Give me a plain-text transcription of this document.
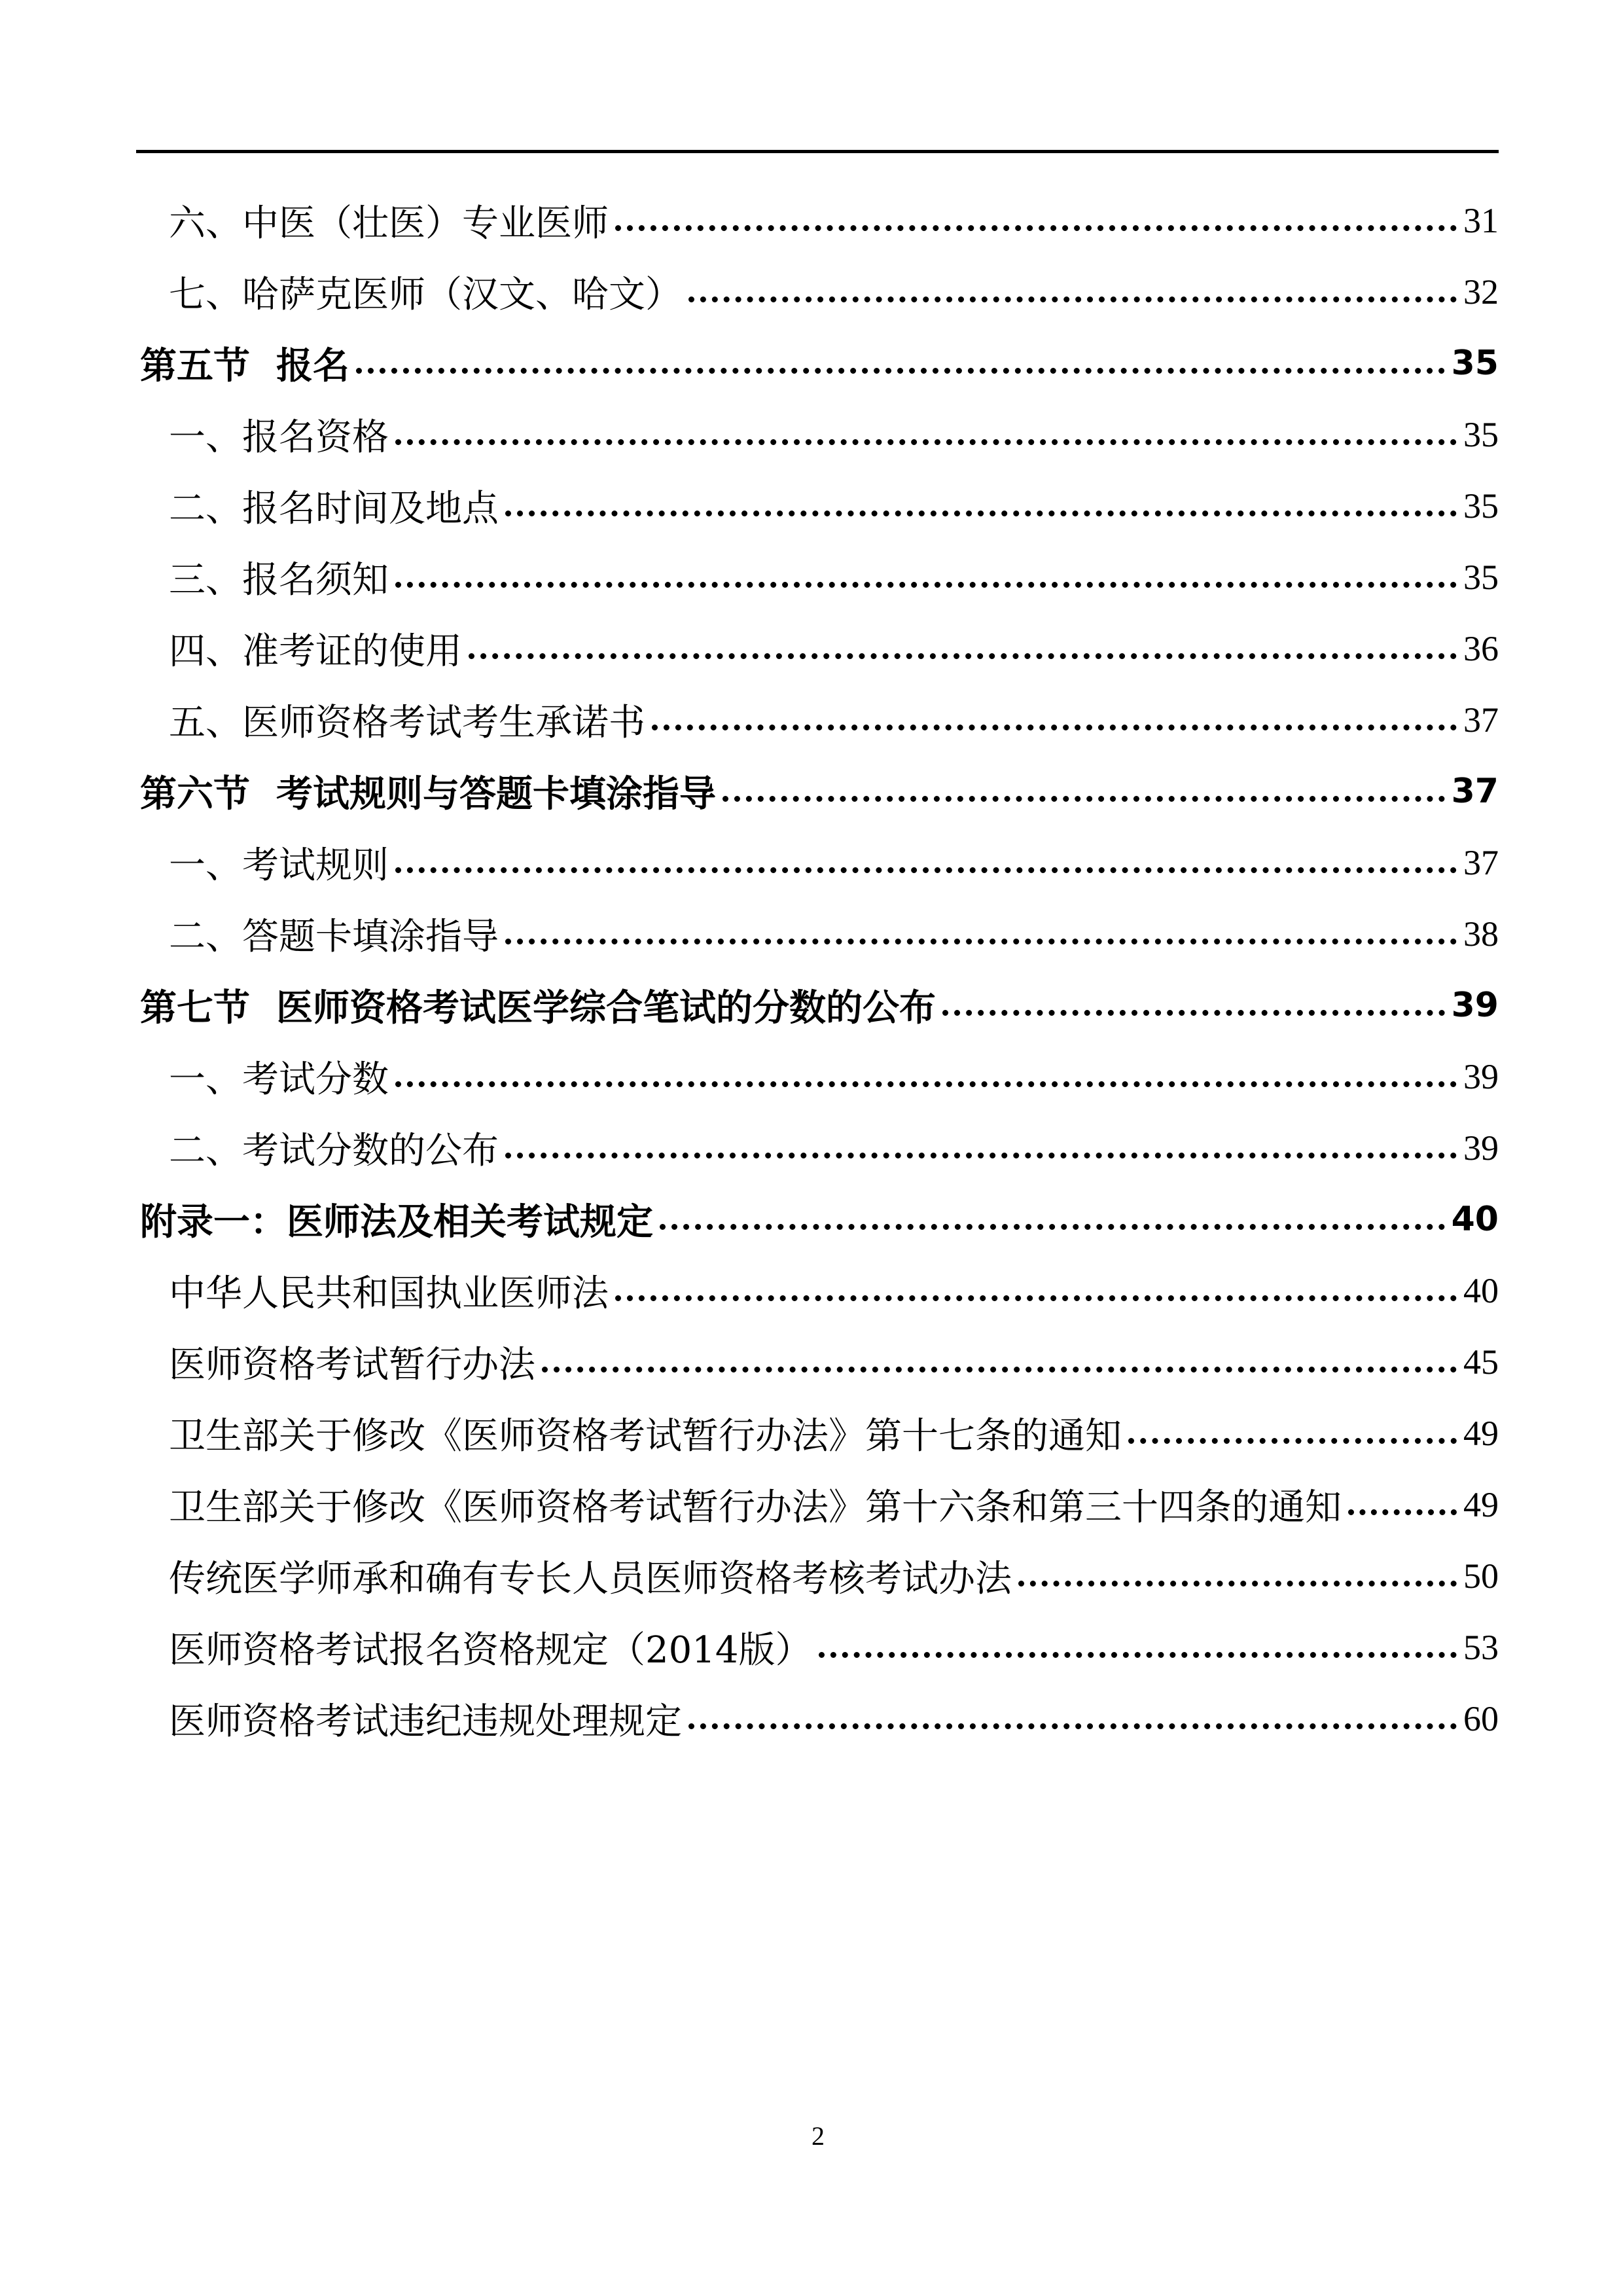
六、中医（壮医）专业医师	31
七、哈萨克医师（汉文、哈文）	32
第五节 报名	35
一、报名资格	35
二、报名时间及地点	35
三、报名须知	35
四、准考证的使用	36
五、医师资格考试考生承诺书	37
第六节 考试规则与答题卡填涂指导	37
一、考试规则	37
二、答题卡填涂指导	38
第七节 医师资格考试医学综合笔试的分数的公布	39
一、考试分数	39
二、考试分数的公布	39
附录一：医师法及相关考试规定	40
中华人民共和国执业医师法	40
医师资格考试暂行办法	45
卫生部关于修改《医师资格考试暂行办法》第十七条的通知	49
卫生部关于修改《医师资格考试暂行办法》第十六条和第三十四条的通知	49
传统医学师承和确有专长人员医师资格考核考试办法	50
医师资格考试报名资格规定（2014版）	53
医师资格考试违纪违规处理规定	60
2
